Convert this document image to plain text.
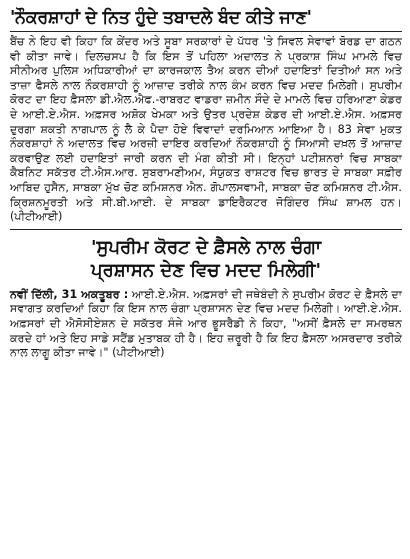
'ਨੌਕਰਸ਼ਾਹਾਂ ਦੇ ਨਿਤ ਹੁੰਦੇ ਤਬਾਦਲੇ ਬੰਦ ਕੀਤੇ ਜਾਣ'

ਬੈਂਚ ਨੇ ਇਹ ਵੀ ਕਿਹਾ ਕਿ ਕੇਂਦਰ ਅਤੇ ਸੂਬਾ ਸਰਕਾਰਾਂ ਦੇ ਪੱਧਰ 'ਤੇ ਸਿਵਲ ਸੇਵਾਵਾਂ ਬੋਰਡ ਦਾ ਗਠਨ ਵੀ ਕੀਤਾ ਜਾਵੇ। ਦਿਲਚਸਪ ਹੈ ਕਿ ਇਸ ਤੋਂ ਪਹਿਲਾ ਅਦਾਲਤ ਨੇ ਪ੍ਰਕਾਸ਼ ਸਿੰਘ ਮਾਮਲੇ ਵਿਚ ਸੀਨੀਅਰ ਪੁਲਿਸ ਅਧਿਕਾਰੀਆਂ ਦਾ ਕਾਰਜਕਾਲ ਤੈਅ ਕਰਨ ਦੀਆਂ ਹਦਾਇਤਾਂ ਦਿਤੀਆਂ ਸਨ ਅਤੇ ਤਾਜ਼ਾ ਫੈਸਲੇ ਨਾਲ ਨੌਕਰਸ਼ਾਹੀ ਨੂੰ ਆਜ਼ਾਦ ਤਰੀਕੇ ਨਾਲ ਕੰਮ ਕਰਨ ਵਿਚ ਮਦਦ ਮਿਲੇਗੀ। ਸੁਪਰੀਮ ਕੋਰਟ ਦਾ ਇਹ ਫ਼ੈਸਲਾ ਡੀ.ਐਲ.ਐਫ.-ਰਾਬਰਟ ਵਾਡਰਾ ਜ਼ਮੀਨ ਸੌਦੇ ਦੇ ਮਾਮਲੇ ਵਿਚ ਹਰਿਆਣਾ ਕੇਡਰ ਦੇ ਆਈ.ਏ.ਐਸ. ਅਫ਼ਸਰ ਅਸ਼ੋਕ ਖੇਮਕਾ ਅਤੇ ਉਤਰ ਪ੍ਰਦੇਸ਼ ਕੇਡਰ ਦੀ ਆਈ.ਏ.ਐਸ. ਅਫ਼ਸਰ ਦੁਰਗਾ ਸ਼ਕਤੀ ਨਾਗਪਾਲ ਨੂੰ ਲੈ ਕੇ ਪੈਦਾ ਹੋਏ ਵਿਵਾਦਾਂ ਦਰਮਿਆਨ ਆਇਆ ਹੈ। 83 ਸੇਵਾ ਮੁਕਤ ਨੌਕਰਸ਼ਾਹਾਂ ਨੇ ਅਦਾਲਤ ਵਿਚ ਅਰਜ਼ੀ ਦਾਇਰ ਕਰਦਿਆਂ ਨੌਕਰਸ਼ਾਹੀ ਨੂੰ ਸਿਆਸੀ ਦਖ਼ਲ ਤੋਂ ਆਜ਼ਾਦ ਕਰਵਾਉਣ ਲਈ ਹਦਾਇਤਾਂ ਜਾਰੀ ਕਰਨ ਦੀ ਮੰਗ ਕੀਤੀ ਸੀ। ਇਨ੍ਹਾਂ ਪਟੀਸ਼ਨਰਾਂ ਵਿਚ ਸਾਬਕਾ ਕੈਬਨਿਟ ਸਕੱਤਰ ਟੀ.ਐਸ.ਆਰ. ਸੁਬਰਾਮਣੀਅਮ, ਸੰਯੁਕਤ ਰਾਸ਼ਟਰ ਵਿਚ ਭਾਰਤ ਦੇ ਸਾਬਕਾ ਸਫ਼ੀਰ ਆਬਿਦ ਹੁਸੈਨ, ਸਾਬਕਾ ਮੁੱਖ ਚੋਣ ਕਮਿਸ਼ਨਰ ਐਨ. ਗੋਪਾਲਸਵਾਮੀ, ਸਾਬਕਾ ਚੋਣ ਕਮਿਸ਼ਨਰ ਟੀ.ਐਸ. ਕ੍ਰਿਸ਼ਨਮੂਰਤੀ ਅਤੇ ਸੀ.ਬੀ.ਆਈ. ਦੇ ਸਾਬਕਾ ਡਾਇਰੈਕਟਰ ਜੋਗਿੰਦਰ ਸਿੰਘ ਸ਼ਾਮਲ ਹਨ। (ਪੀਟੀਆਈ)

'ਸੁਪਰੀਮ ਕੋਰਟ ਦੇ ਫ਼ੈਸਲੇ ਨਾਲ ਚੰਗਾ
ਪ੍ਰਸ਼ਾਸਨ ਦੇਣ ਵਿਚ ਮਦਦ ਮਿਲੇਗੀ'

ਨਵੀਂ ਦਿੱਲੀ, 31 ਅਕਤੂਬਰ : ਆਈ.ਏ.ਐਸ. ਅਫ਼ਸਰਾਂ ਦੀ ਜਥੇਬੰਦੀ ਨੇ ਸੁਪਰੀਮ ਕੋਰਟ ਦੇ ਫ਼ੈਸਲੇ ਦਾ ਸਵਾਗਤ ਕਰਦਿਆਂ ਕਿਹਾ ਕਿ ਇਸ ਨਾਲ ਚੰਗਾ ਪ੍ਰਸ਼ਾਸਨ ਦੇਣ ਵਿਚ ਮਦਦ ਮਿਲੇਗੀ। ਆਈ.ਏ.ਐਸ. ਅਫ਼ਸਰਾਂ ਦੀ ਐਸੋਸੀਏਸ਼ਨ ਦੇ ਸਕੱਤਰ ਸੰਜੇ ਆਰ ਭੂਸਰੈਡੀ ਨੇ ਕਿਹਾ, "ਅਸੀਂ ਫ਼ੈਸਲੇ ਦਾ ਸਮਰਥਨ ਕਰਦੇ ਹਾਂ ਅਤੇ ਇਹ ਸਾਡੇ ਸਟੈਂਡ ਮੁਤਾਬਕ ਹੀ ਹੈ। ਇਹ ਜ਼ਰੂਰੀ ਹੈ ਕਿ ਇਹ ਫ਼ੈਸਲਾ ਅਸਰਦਾਰ ਤਰੀਕੇ ਨਾਲ ਲਾਗੂ ਕੀਤਾ ਜਾਵੇ।" (ਪੀਟੀਆਈ)
